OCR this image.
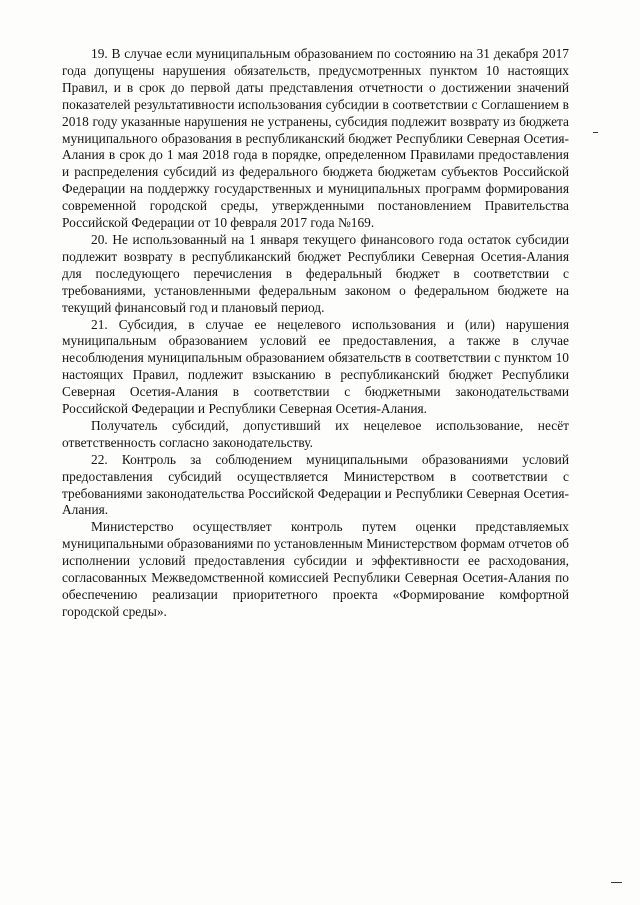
19. В случае если муниципальным образованием по состоянию на 31 декабря 2017 года допущены нарушения обязательств, предусмотренных пунктом 10 настоящих Правил, и в срок до первой даты представления отчетности о достижении значений показателей результативности использования субсидии в соответствии с Соглашением в 2018 году указанные нарушения не устранены, субсидия подлежит возврату из бюджета муниципального образования в республиканский бюджет Республики Северная Осетия-Алания в срок до 1 мая 2018 года в порядке, определенном Правилами предоставления и распределения субсидий из федерального бюджета бюджетам субъектов Российской Федерации на поддержку государственных и муниципальных программ формирования современной городской среды, утвержденными постановлением Правительства Российской Федерации от 10 февраля 2017 года №169.

20. Не использованный на 1 января текущего финансового года остаток субсидии подлежит возврату в республиканский бюджет Республики Северная Осетия-Алания для последующего перечисления в федеральный бюджет в соответствии с требованиями, установленными федеральным законом о федеральном бюджете на текущий финансовый год и плановый период.

21. Субсидия, в случае ее нецелевого использования и (или) нарушения муниципальным образованием условий ее предоставления, а также в случае несоблюдения муниципальным образованием обязательств в соответствии с пунктом 10 настоящих Правил, подлежит взысканию в республиканский бюджет Республики Северная Осетия-Алания в соответствии с бюджетными законодательствами Российской Федерации и Республики Северная Осетия-Алания.

Получатель субсидий, допустивший их нецелевое использование, несёт ответственность согласно законодательству.

22. Контроль за соблюдением муниципальными образованиями условий предоставления субсидий осуществляется Министерством в соответствии с требованиями законодательства Российской Федерации и Республики Северная Осетия-Алания.

Министерство осуществляет контроль путем оценки представляемых муниципальными образованиями по установленным Министерством формам отчетов об исполнении условий предоставления субсидии и эффективности ее расходования, согласованных Межведомственной комиссией Республики Северная Осетия-Алания по обеспечению реализации приоритетного проекта «Формирование комфортной городской среды».
